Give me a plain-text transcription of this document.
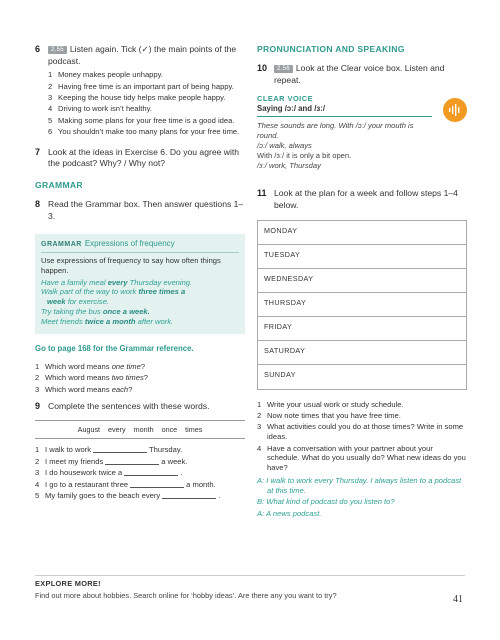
6	2.55 Listen again. Tick (✓) the main points of the podcast.
1 Money makes people unhappy.
2 Having free time is an important part of being happy.
3 Keeping the house tidy helps make people happy.
4 Driving to work isn’t healthy.
5 Making some plans for your free time is a good idea.
6 You shouldn’t make too many plans for your free time.
7 Look at the ideas in Exercise 6. Do you agree with the podcast? Why? / Why not?
GRAMMAR
8 Read the Grammar box. Then answer questions 1–3.
GRAMMAR Expressions of frequency
Use expressions of frequency to say how often things happen.
Have a family meal every Thursday evening.
Walk part of the way to work three times a
week for exercise.
Try taking the bus once a week.
Meet friends twice a month after work.
Go to page 168 for the Grammar reference.
1 Which word means one time?
2 Which word means two times?
3 Which word means each?
9 Complete the sentences with these words.
August every month once times
1 I walk to work	Thursday.
2 I meet my friends	a week.
3 I do housework twice a	.
4 I go to a restaurant three	a month.
5 My family goes to the beach every	.
PRONUNCIATION AND SPEAKING
10	2.56 Look at the Clear voice box. Listen and repeat.
CLEAR VOICE
Saying /ɔː/ and /ɜː/
These sounds are long. With /ɔː/ your mouth is round.
/ɔː/ walk, always
With /ɜː/ it is only a bit open.
/ɜː/ work, Thursday
11 Look at the plan for a week and follow steps 1–4 below.
MONDAY
TUESDAY
WEDNESDAY
THURSDAY
FRIDAY
SATURDAY
SUNDAY
1 Write your usual work or study schedule.
2 Now note times that you have free time.
3 What activities could you do at those times? Write in some ideas.
4 Have a conversation with your partner about your schedule. What do you usually do? What new ideas do you have?
A: I walk to work every Thursday. I always listen to a podcast at this time.
B: What kind of podcast do you listen to?
A: A news podcast.
EXPLORE MORE!
Find out more about hobbies. Search online for ‘hobby ideas’. Are there any you want to try?	41
